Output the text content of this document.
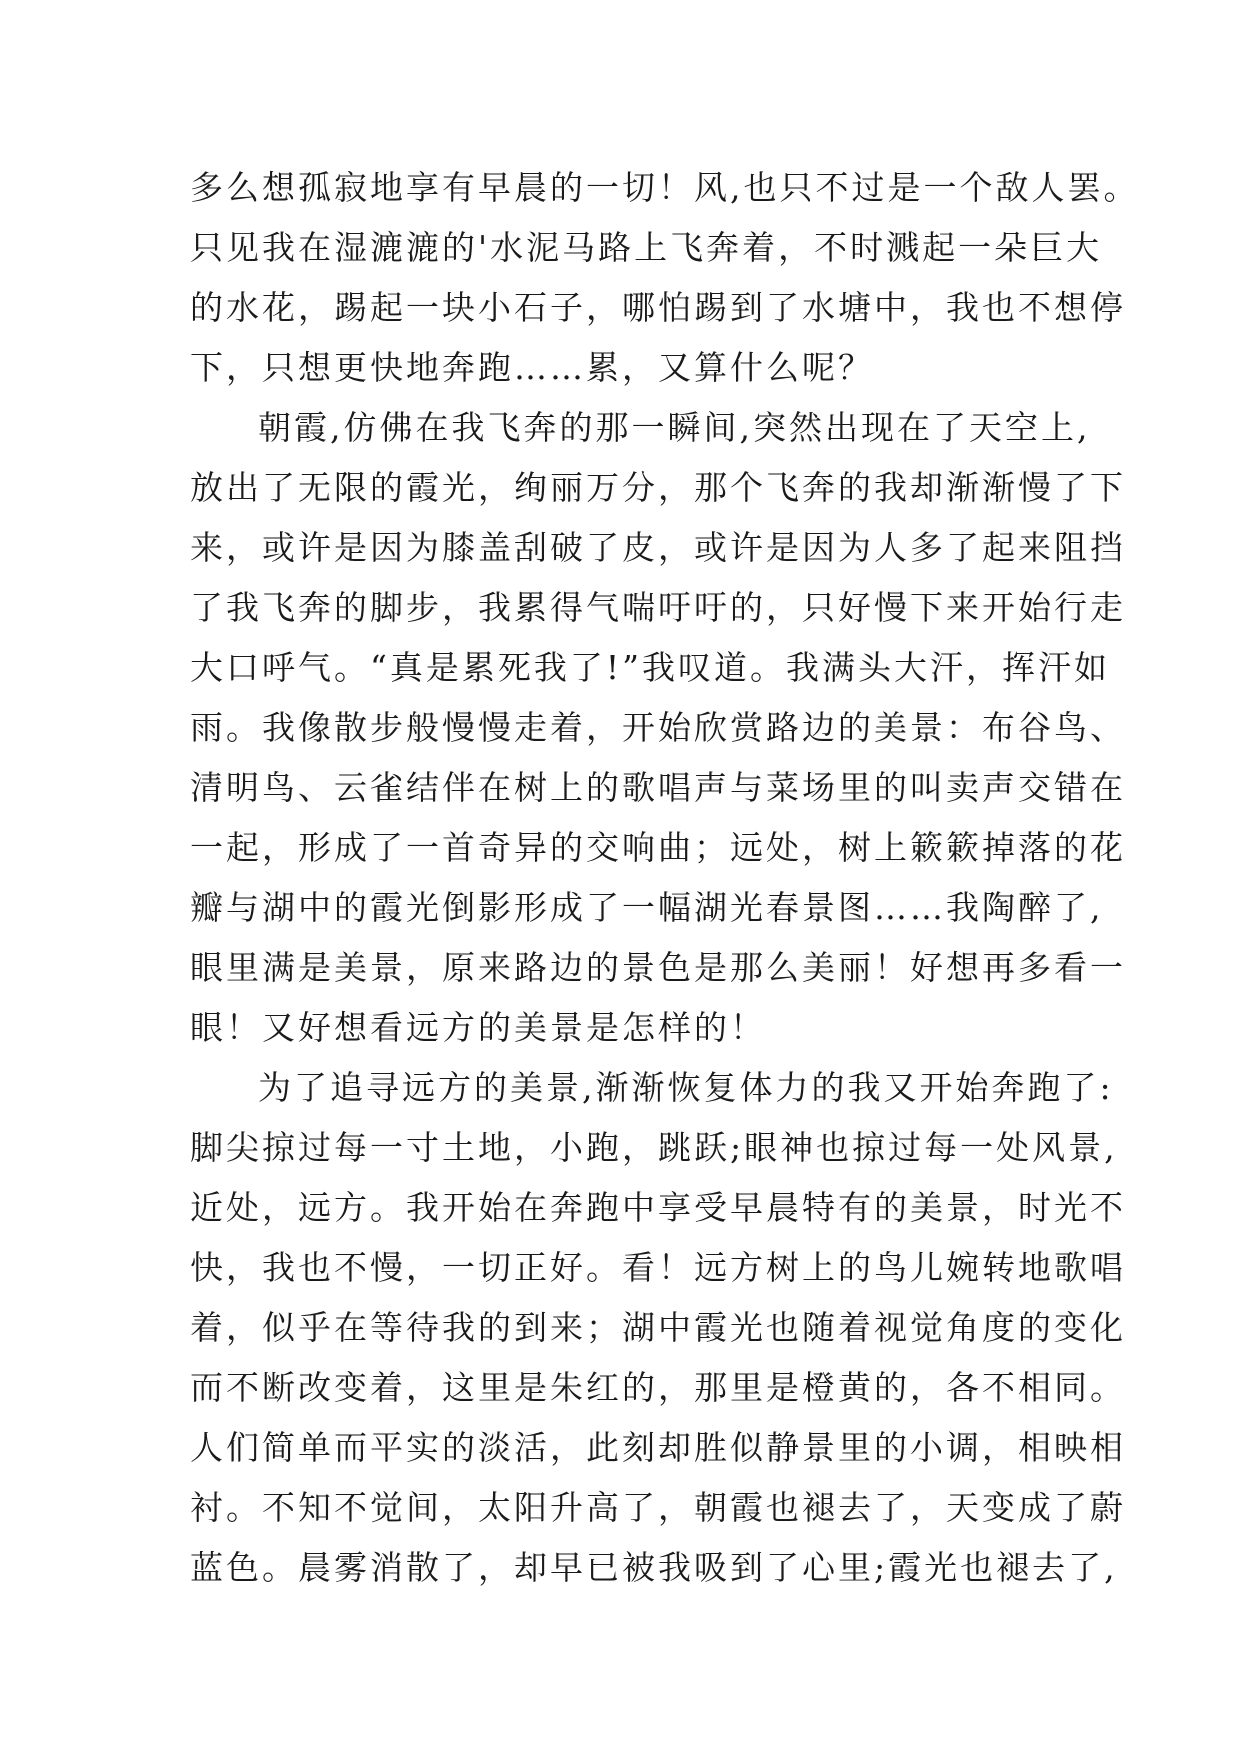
多么想孤寂地享有早晨的一切！风,也只不过是一个敌人罢。
只见我在湿漉漉的'水泥马路上飞奔着，不时溅起一朵巨大
的水花，踢起一块小石子，哪怕踢到了水塘中，我也不想停
下，只想更快地奔跑……累，又算什么呢？
朝霞,仿佛在我飞奔的那一瞬间,突然出现在了天空上,
放出了无限的霞光，绚丽万分，那个飞奔的我却渐渐慢了下
来，或许是因为膝盖刮破了皮，或许是因为人多了起来阻挡
了我飞奔的脚步，我累得气喘吁吁的，只好慢下来开始行走
大口呼气。“真是累死我了!”我叹道。我满头大汗，挥汗如
雨。我像散步般慢慢走着，开始欣赏路边的美景：布谷鸟、
清明鸟、云雀结伴在树上的歌唱声与菜场里的叫卖声交错在
一起，形成了一首奇异的交响曲；远处，树上簌簌掉落的花
瓣与湖中的霞光倒影形成了一幅湖光春景图……我陶醉了,
眼里满是美景，原来路边的景色是那么美丽！好想再多看一
眼！又好想看远方的美景是怎样的！
为了追寻远方的美景,渐渐恢复体力的我又开始奔跑了:
脚尖掠过每一寸土地，小跑，跳跃;眼神也掠过每一处风景,
近处，远方。我开始在奔跑中享受早晨特有的美景，时光不
快，我也不慢，一切正好。看！远方树上的鸟儿婉转地歌唱
着，似乎在等待我的到来；湖中霞光也随着视觉角度的变化
而不断改变着，这里是朱红的，那里是橙黄的，各不相同。
人们简单而平实的淡活，此刻却胜似静景里的小调，相映相
衬。不知不觉间，太阳升高了，朝霞也褪去了，天变成了蔚
蓝色。晨雾消散了，却早已被我吸到了心里;霞光也褪去了,
